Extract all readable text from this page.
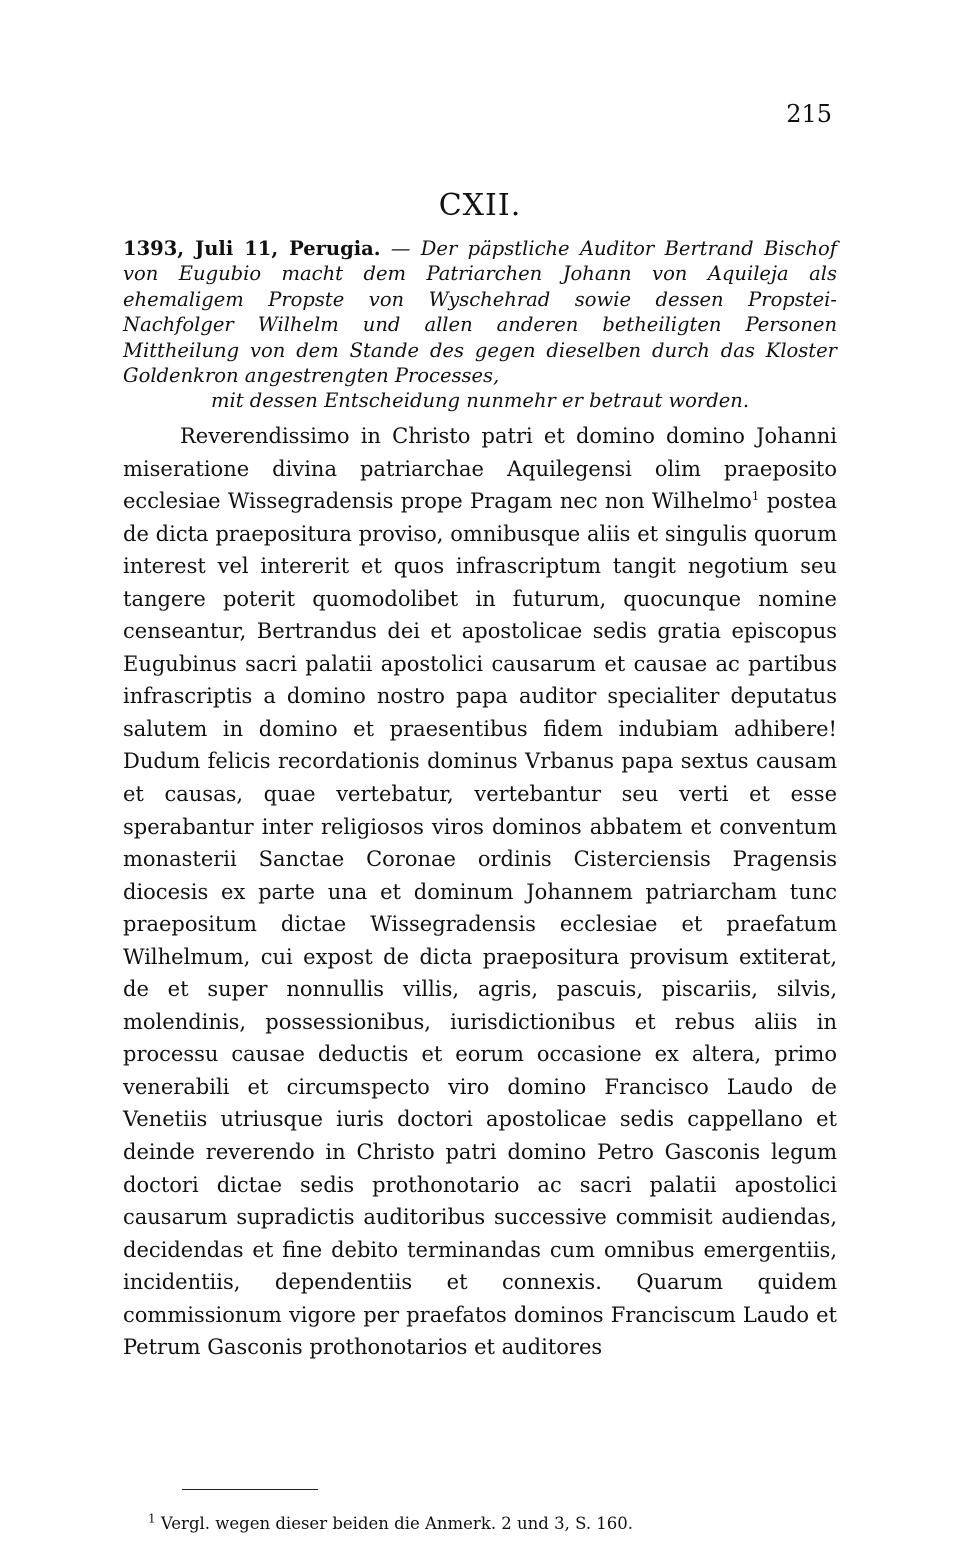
215
CXII.
1393, Juli 11, Perugia. — Der päpstliche Auditor Bertrand Bischof von Eugubio macht dem Patriarchen Johann von Aquileja als ehemaligem Propste von Wyschehrad sowie dessen Propstei-Nachfolger Wilhelm und allen anderen betheiligten Personen Mittheilung von dem Stande des gegen dieselben durch das Kloster Goldenkron angestrengten Processes,
mit dessen Entscheidung nunmehr er betraut worden.

Reverendissimo in Christo patri et domino domino Johanni miseratione divina patriarchae Aquilegensi olim praeposito ecclesiae Wissegradensis prope Pragam nec non Wilhelmo$^1$ postea de dicta praepositura proviso, omnibusque aliis et singulis quorum interest vel intererit et quos infrascriptum tangit negotium seu tangere poterit quomodolibet in futurum, quocunque nomine censeantur, Bertrandus dei et apostolicae sedis gratia episcopus Eugubinus sacri palatii apostolici causarum et causae ac partibus infrascriptis a domino nostro papa auditor specialiter deputatus salutem in domino et praesentibus fidem indubiam adhibere! Dudum felicis recordationis dominus Vrbanus papa sextus causam et causas, quae vertebatur, vertebantur seu verti et esse sperabantur inter religiosos viros dominos abbatem et conventum monasterii Sanctae Coronae ordinis Cisterciensis Pragensis diocesis ex parte una et dominum Johannem patriarcham tunc praepositum dictae Wissegradensis ecclesiae et praefatum Wilhelmum, cui expost de dicta praepositura provisum extiterat, de et super nonnullis villis, agris, pascuis, piscariis, silvis, molendinis, possessionibus, iurisdictionibus et rebus aliis in processu causae deductis et eorum occasione ex altera, primo venerabili et circumspecto viro domino Francisco Laudo de Venetiis utriusque iuris doctori apostolicae sedis cappellano et deinde reverendo in Christo patri domino Petro Gasconis legum doctori dictae sedis prothonotario ac sacri palatii apostolici causarum supradictis auditoribus successive commisit audiendas, decidendas et fine debito terminandas cum omnibus emergentiis, incidentiis, dependentiis et connexis. Quarum quidem commissionum vigore per praefatos dominos Franciscum Laudo et Petrum Gasconis prothonotarios et auditores

$^1$ Vergl. wegen dieser beiden die Anmerk. 2 und 3, S. 160.
